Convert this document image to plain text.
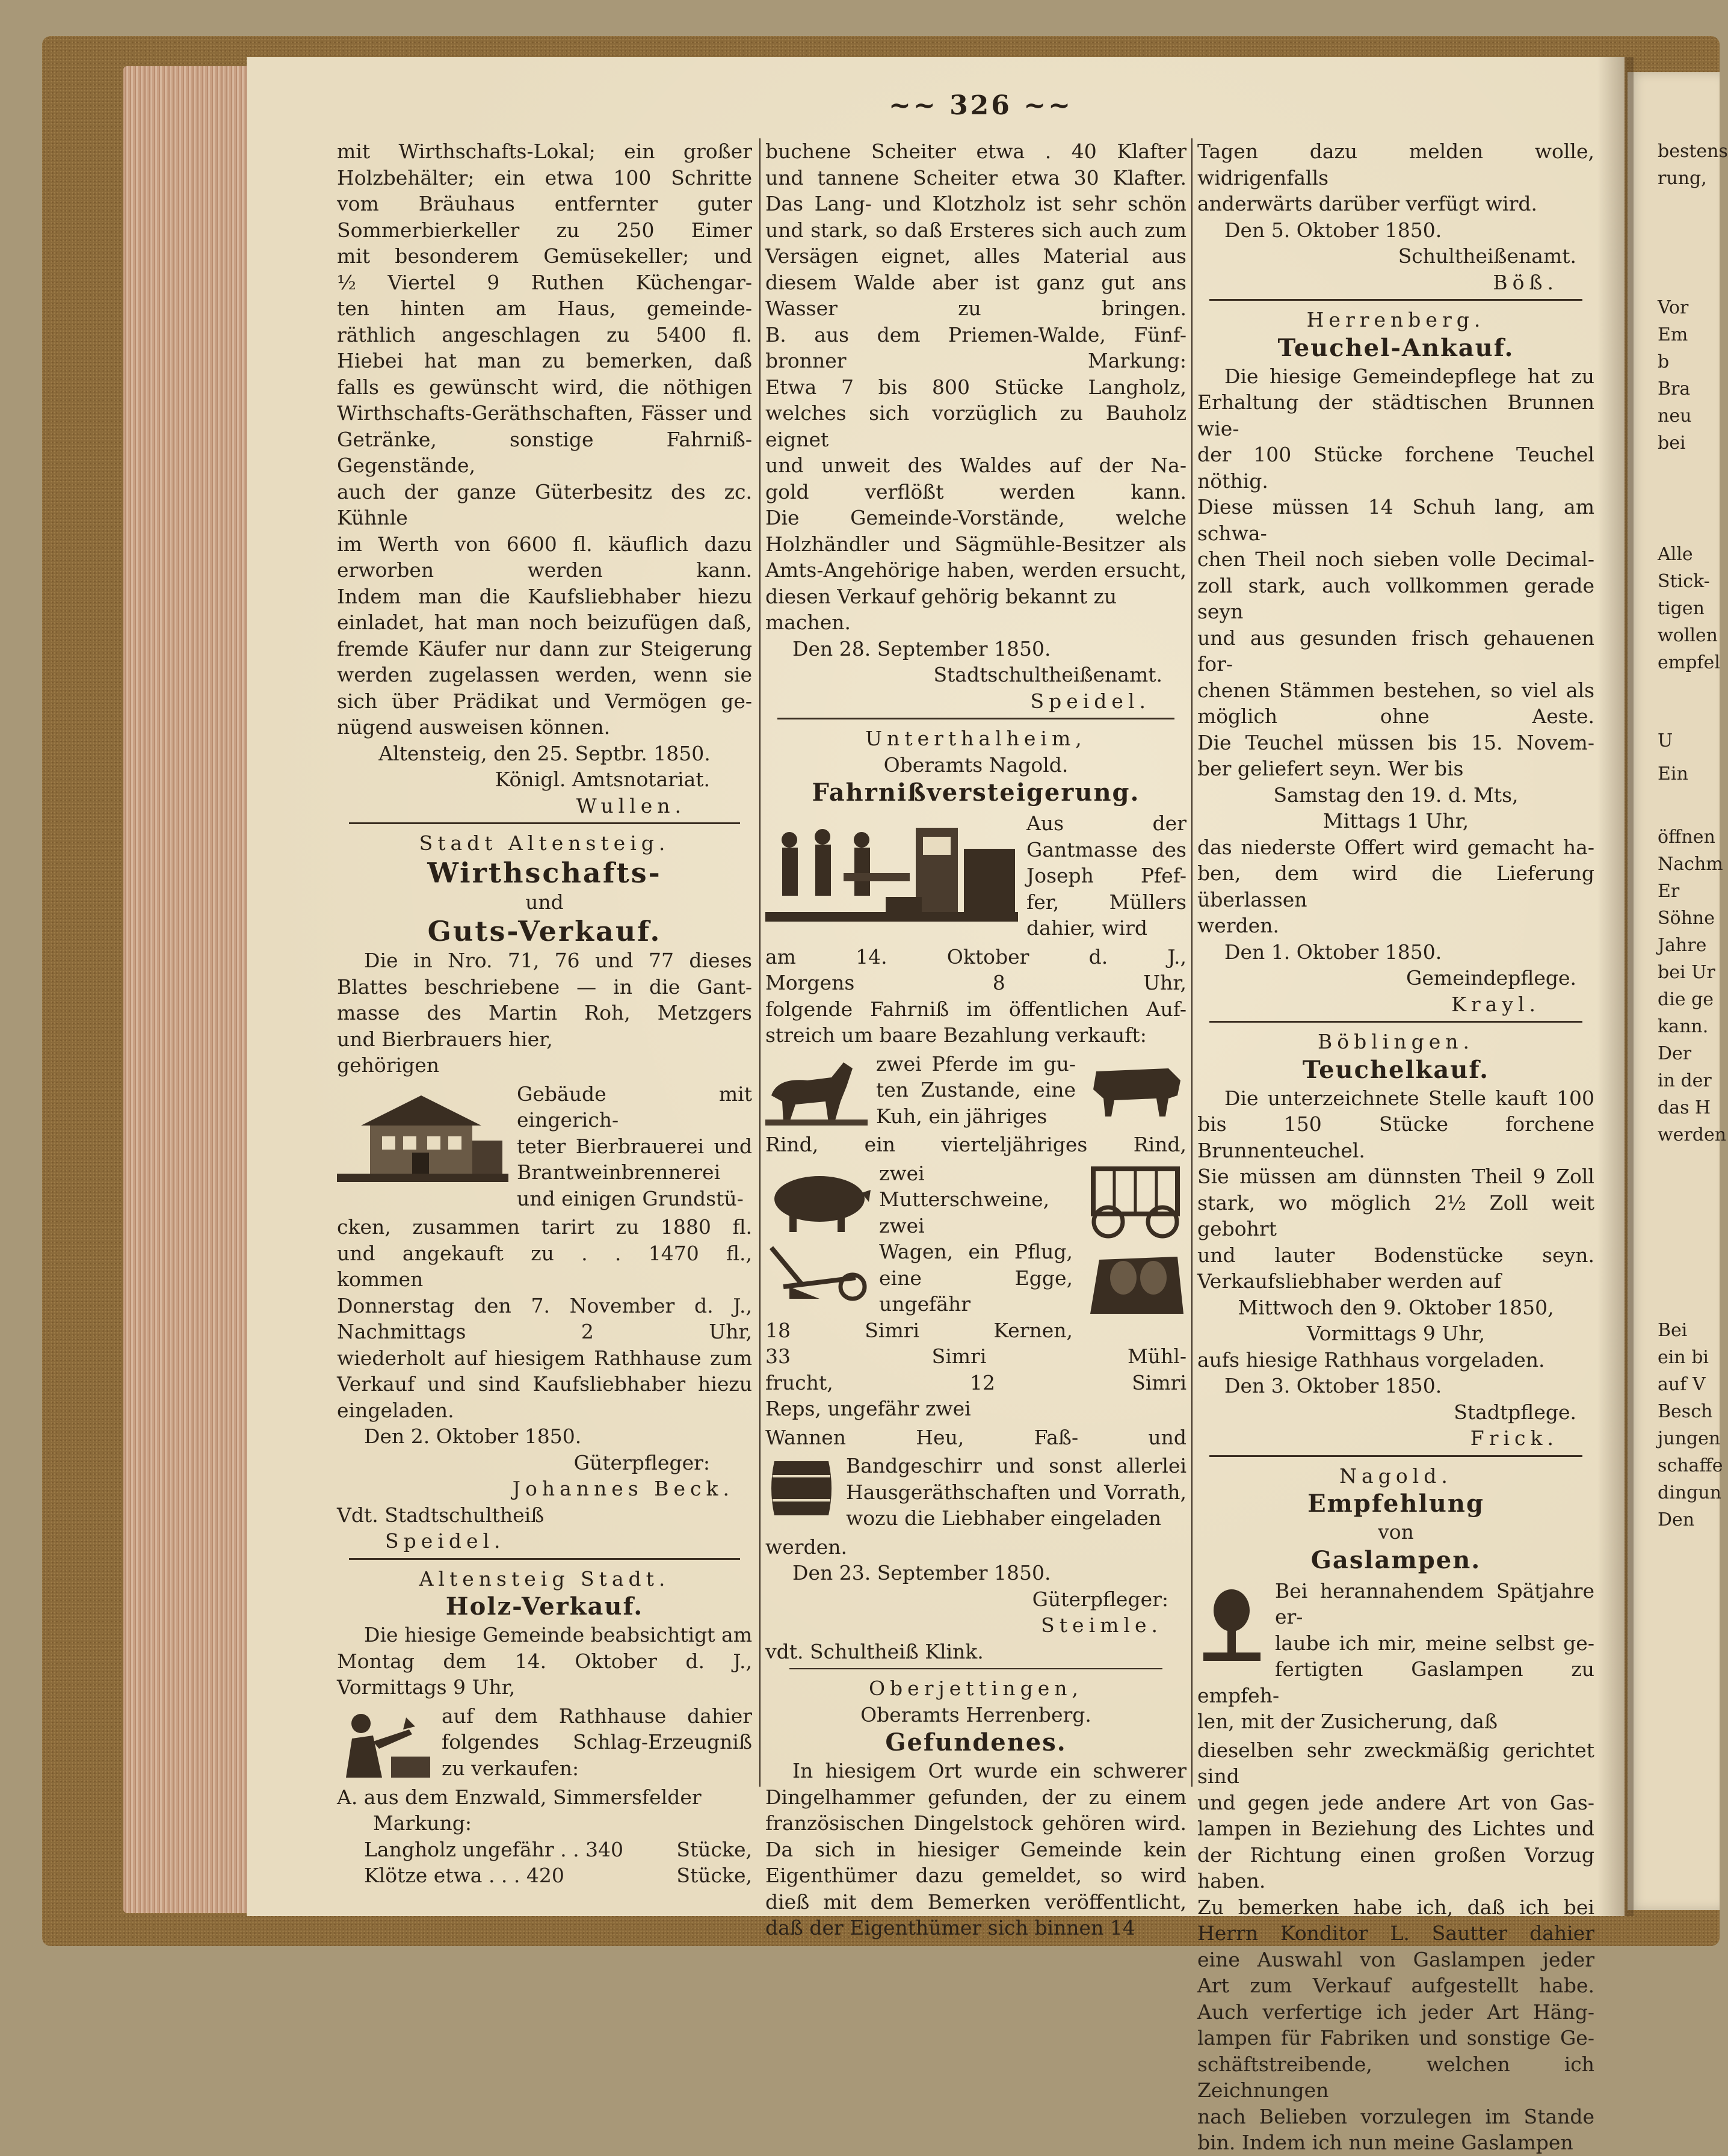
~~ 326 ~~

mit Wirthschafts-Lokal; ein großer

Holzbehälter; ein etwa 100 Schritte

vom Bräuhaus entfernter guter

Sommerbierkeller zu 250 Eimer

mit besonderem Gemüsekeller; und

½ Viertel 9 Ruthen Küchengar-

ten hinten am Haus, gemeinde-

räthlich angeschlagen zu 5400 fl.

Hiebei hat man zu bemerken, daß

falls es gewünscht wird, die nöthigen

Wirthschafts-Geräthschaften, Fässer und

Getränke, sonstige Fahrniß-Gegenstände,

auch der ganze Güterbesitz des zc. Kühnle

im Werth von 6600 fl. käuflich dazu

erworben werden kann.

Indem man die Kaufsliebhaber hiezu

einladet, hat man noch beizufügen daß,

fremde Käufer nur dann zur Steigerung

werden zugelassen werden, wenn sie

sich über Prädikat und Vermögen ge-

nügend ausweisen können.

Altensteig, den 25. Septbr. 1850.

Königl. Amtsnotariat.

Wullen.

Stadt Altensteig.

Wirthschafts-

und

Guts-Verkauf.

Die in Nro. 71, 76 und 77 dieses

Blattes beschriebene — in die Gant-

masse des Martin Roh, Metzgers

und Bierbrauers hier,

gehörigen

Gebäude mit eingerich-

teter Bierbrauerei und

Brantweinbrennerei

und einigen Grundstü-

cken, zusammen tarirt zu 1880 fl.

und angekauft zu . . 1470 fl.,

kommen

Donnerstag den 7. November d. J.,

Nachmittags 2 Uhr,

wiederholt auf hiesigem Rathhause zum

Verkauf und sind Kaufsliebhaber hiezu

eingeladen.

Den 2. Oktober 1850.

Güterpfleger:

Johannes Beck.

Vdt. Stadtschultheiß

Speidel.

Altensteig Stadt.

Holz-Verkauf.

Die hiesige Gemeinde beabsichtigt am

Montag dem 14. Oktober d. J.,

Vormittags 9 Uhr,

auf dem Rathhause dahier

folgendes Schlag-Erzeugniß

zu verkaufen:

A. aus dem Enzwald, Simmersfelder

Markung:

Langholz ungefähr . . 340	Stücke,
Klötze etwa . . . 420	Stücke,

buchene Scheiter etwa . 40 Klafter

und tannene Scheiter etwa 30 Klafter.

Das Lang- und Klotzholz ist sehr schön

und stark, so daß Ersteres sich auch zum

Versägen eignet, alles Material aus

diesem Walde aber ist ganz gut ans

Wasser zu bringen.

B. aus dem Priemen-Walde, Fünf-

bronner Markung:

Etwa 7 bis 800 Stücke Langholz,

welches sich vorzüglich zu Bauholz eignet

und unweit des Waldes auf der Na-

gold verflößt werden kann.

Die Gemeinde-Vorstände, welche

Holzhändler und Sägmühle-Besitzer als

Amts-Angehörige haben, werden ersucht,

diesen Verkauf gehörig bekannt zu machen.

Den 28. September 1850.

Stadtschultheißenamt.

Speidel.

Unterthalheim,

Oberamts Nagold.

Fahrnißversteigerung.

Aus der

Gantmasse des

Joseph Pfef-

fer, Müllers

dahier, wird

am 14. Oktober d. J.,

Morgens 8 Uhr,

folgende Fahrniß im öffentlichen Auf-

streich um baare Bezahlung verkauft:

zwei Pferde im gu-

ten Zustande, eine

Kuh, ein jähriges

Rind, ein vierteljähriges Rind,

zwei Mutterschweine, zwei

Wagen, ein Pflug,

eine Egge, ungefähr

18 Simri Kernen,

33 Simri Mühl-

frucht, 12 Simri

Reps, ungefähr zwei

Wannen Heu, Faß- und

Bandgeschirr und sonst allerlei

Hausgeräthschaften und Vorrath,

wozu die Liebhaber eingeladen

werden.

Den 23. September 1850.

Güterpfleger:

Steimle.

vdt. Schultheiß Klink.

Oberjettingen,

Oberamts Herrenberg.

Gefundenes.

In hiesigem Ort wurde ein schwerer

Dingelhammer gefunden, der zu einem

französischen Dingelstock gehören wird.

Da sich in hiesiger Gemeinde kein

Eigenthümer dazu gemeldet, so wird

dieß mit dem Bemerken veröffentlicht,

daß der Eigenthümer sich binnen 14

Tagen dazu melden wolle, widrigenfalls

anderwärts darüber verfügt wird.

Den 5. Oktober 1850.

Schultheißenamt.

Böß.

Herrenberg.

Teuchel-Ankauf.

Die hiesige Gemeindepflege hat zu

Erhaltung der städtischen Brunnen wie-

der 100 Stücke forchene Teuchel nöthig.

Diese müssen 14 Schuh lang, am schwa-

chen Theil noch sieben volle Decimal-

zoll stark, auch vollkommen gerade seyn

und aus gesunden frisch gehauenen for-

chenen Stämmen bestehen, so viel als

möglich ohne Aeste.

Die Teuchel müssen bis 15. Novem-

ber geliefert seyn. Wer bis

Samstag den 19. d. Mts,

Mittags 1 Uhr,

das niederste Offert wird gemacht ha-

ben, dem wird die Lieferung überlassen

werden.

Den 1. Oktober 1850.

Gemeindepflege.

Krayl.

Böblingen.

Teuchelkauf.

Die unterzeichnete Stelle kauft 100

bis 150 Stücke forchene Brunnenteuchel.

Sie müssen am dünnsten Theil 9 Zoll

stark, wo möglich 2½ Zoll weit gebohrt

und lauter Bodenstücke seyn.

Verkaufsliebhaber werden auf

Mittwoch den 9. Oktober 1850,

Vormittags 9 Uhr,

aufs hiesige Rathhaus vorgeladen.

Den 3. Oktober 1850.

Stadtpflege.

Frick.

Nagold.

Empfehlung

von

Gaslampen.

Bei herannahendem Spätjahre er-

laube ich mir, meine selbst ge-

fertigten Gaslampen zu empfeh-

len, mit der Zusicherung, daß

dieselben sehr zweckmäßig gerichtet sind

und gegen jede andere Art von Gas-

lampen in Beziehung des Lichtes und

der Richtung einen großen Vorzug haben.

Zu bemerken habe ich, daß ich bei

Herrn Konditor L. Sautter dahier

eine Auswahl von Gaslampen jeder

Art zum Verkauf aufgestellt habe.

Auch verfertige ich jeder Art Häng-

lampen für Fabriken und sonstige Ge-

schäftstreibende, welchen ich Zeichnungen

nach Belieben vorzulegen im Stande

bin. Indem ich nun meine Gaslampen

bestens
rung,
Vor
Em
b
Bra
neu
bei
Alle
Stick-
tigen
wollen
empfel
U
Ein
öffnen
Nachm
Er
Söhne
Jahre
bei Ur
die ge
kann.
Der
in der
das H
werden
Bei
ein bi
auf V
Besch
jungen
schaffe
dingun
Den
